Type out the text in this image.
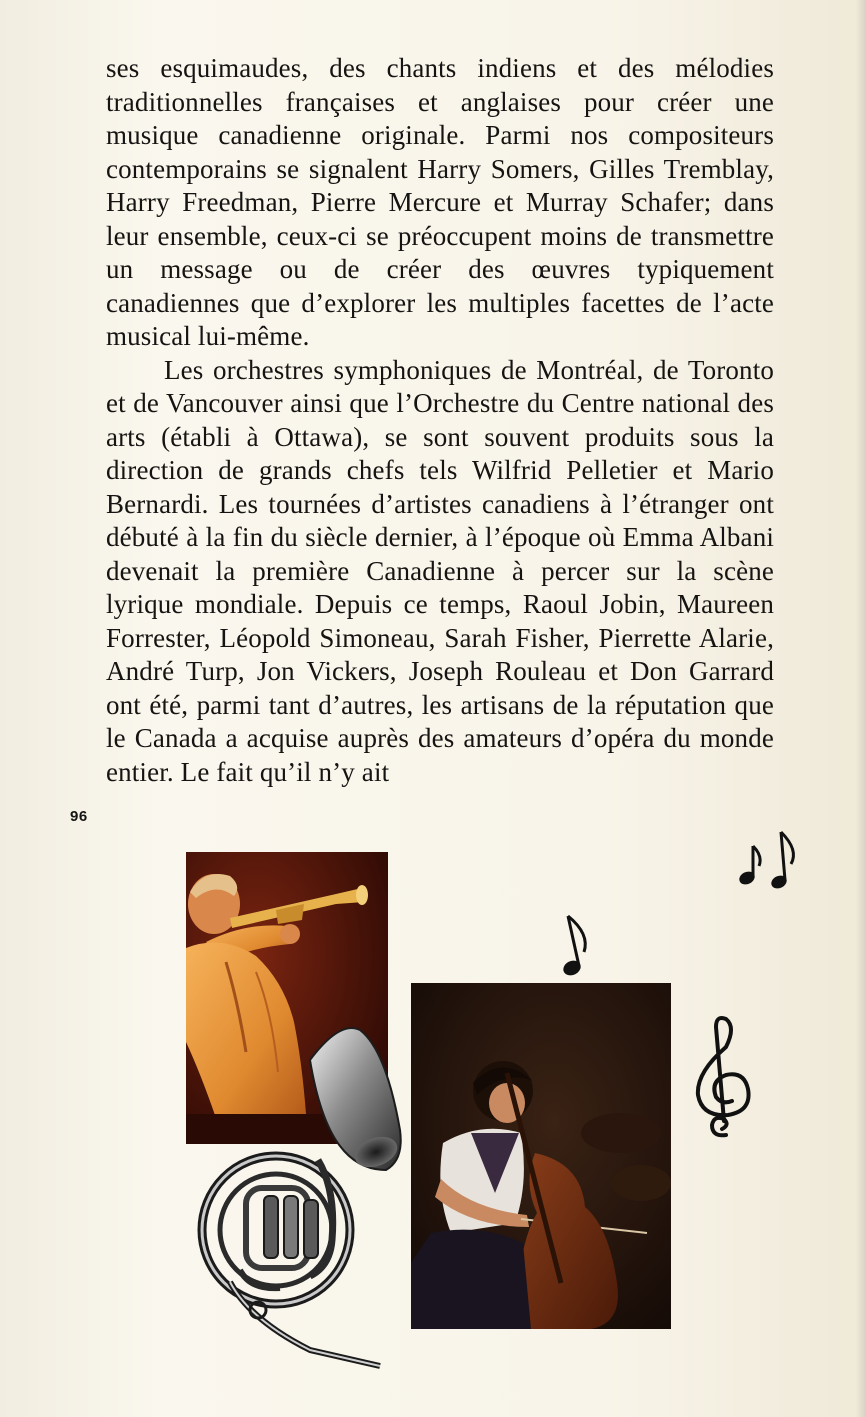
ses esquimaudes, des chants indiens et des mélodies traditionnelles françaises et anglaises pour créer une musique canadienne originale. Parmi nos compositeurs contemporains se signalent Harry Somers, Gilles Tremblay, Harry Freedman, Pierre Mercure et Murray Schafer; dans leur ensemble, ceux-ci se préoccupent moins de transmettre un message ou de créer des œuvres typiquement canadiennes que d’explorer les multiples facettes de l’acte musical lui-même.

Les orchestres symphoniques de Montréal, de Toronto et de Vancouver ainsi que l’Orchestre du Centre national des arts (établi à Ottawa), se sont souvent produits sous la direction de grands chefs tels Wilfrid Pelletier et Mario Bernardi. Les tournées d’artistes canadiens à l’étranger ont débuté à la fin du siècle dernier, à l’époque où Emma Albani devenait la première Canadienne à percer sur la scène lyrique mondiale. Depuis ce temps, Raoul Jobin, Maureen Forrester, Léopold Simoneau, Sarah Fisher, Pierrette Alarie, André Turp, Jon Vickers, Joseph Rouleau et Don Garrard ont été, parmi tant d’autres, les artisans de la réputation que le Canada a acquise auprès des amateurs d’opéra du monde entier. Le fait qu’il n’y ait

96
